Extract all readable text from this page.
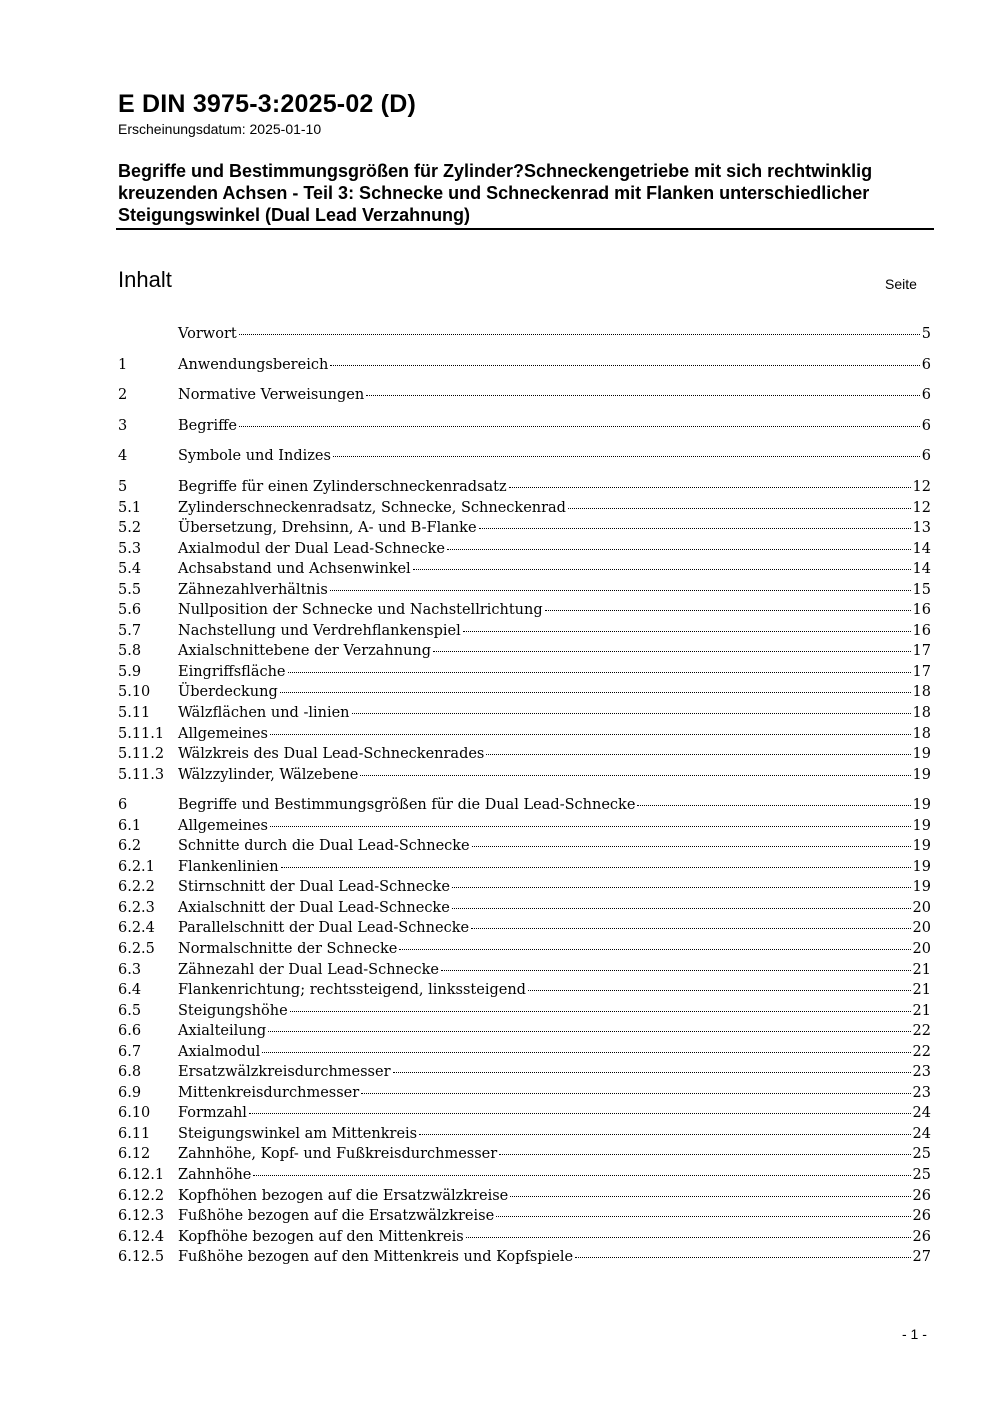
E DIN 3975-3:2025-02 (D)
Erscheinungsdatum: 2025-01-10
Begriffe und Bestimmungsgrößen für Zylinder?Schneckengetriebe mit sich rechtwinklig kreuzenden Achsen - Teil 3: Schnecke und Schneckenrad mit Flanken unterschiedlicher Steigungswinkel (Dual Lead Verzahnung)
Inhalt	Seite
Vorwort	5
1	Anwendungsbereich	6
2	Normative Verweisungen	6
3	Begriffe	6
4	Symbole und Indizes	6
5	Begriffe für einen Zylinderschneckenradsatz	12
5.1	Zylinderschneckenradsatz, Schnecke, Schneckenrad	12
5.2	Übersetzung, Drehsinn, A- und B-Flanke	13
5.3	Axialmodul der Dual Lead-Schnecke	14
5.4	Achsabstand und Achsenwinkel	14
5.5	Zähnezahlverhältnis	15
5.6	Nullposition der Schnecke und Nachstellrichtung	16
5.7	Nachstellung und Verdrehflankenspiel	16
5.8	Axialschnittebene der Verzahnung	17
5.9	Eingriffsfläche	17
5.10	Überdeckung	18
5.11	Wälzflächen und -linien	18
5.11.1 Allgemeines	18
5.11.2 Wälzkreis des Dual Lead-Schneckenrades	19
5.11.3 Wälzzylinder, Wälzebene	19
6	Begriffe und Bestimmungsgrößen für die Dual Lead-Schnecke	19
6.1	Allgemeines	19
6.2	Schnitte durch die Dual Lead-Schnecke	19
6.2.1	Flankenlinien	19
6.2.2	Stirnschnitt der Dual Lead-Schnecke	19
6.2.3	Axialschnitt der Dual Lead-Schnecke	20
6.2.4	Parallelschnitt der Dual Lead-Schnecke	20
6.2.5	Normalschnitte der Schnecke	20
6.3	Zähnezahl der Dual Lead-Schnecke	21
6.4	Flankenrichtung; rechtssteigend, linkssteigend	21
6.5	Steigungshöhe	21
6.6	Axialteilung	22
6.7	Axialmodul	22
6.8	Ersatzwälzkreisdurchmesser	23
6.9	Mittenkreisdurchmesser	23
6.10	Formzahl	24
6.11	Steigungswinkel am Mittenkreis	24
6.12	Zahnhöhe, Kopf- und Fußkreisdurchmesser	25
6.12.1 Zahnhöhe	25
6.12.2 Kopfhöhen bezogen auf die Ersatzwälzkreise	26
6.12.3 Fußhöhe bezogen auf die Ersatzwälzkreise	26
6.12.4 Kopfhöhe bezogen auf den Mittenkreis	26
6.12.5 Fußhöhe bezogen auf den Mittenkreis und Kopfspiele	27
- 1 -
